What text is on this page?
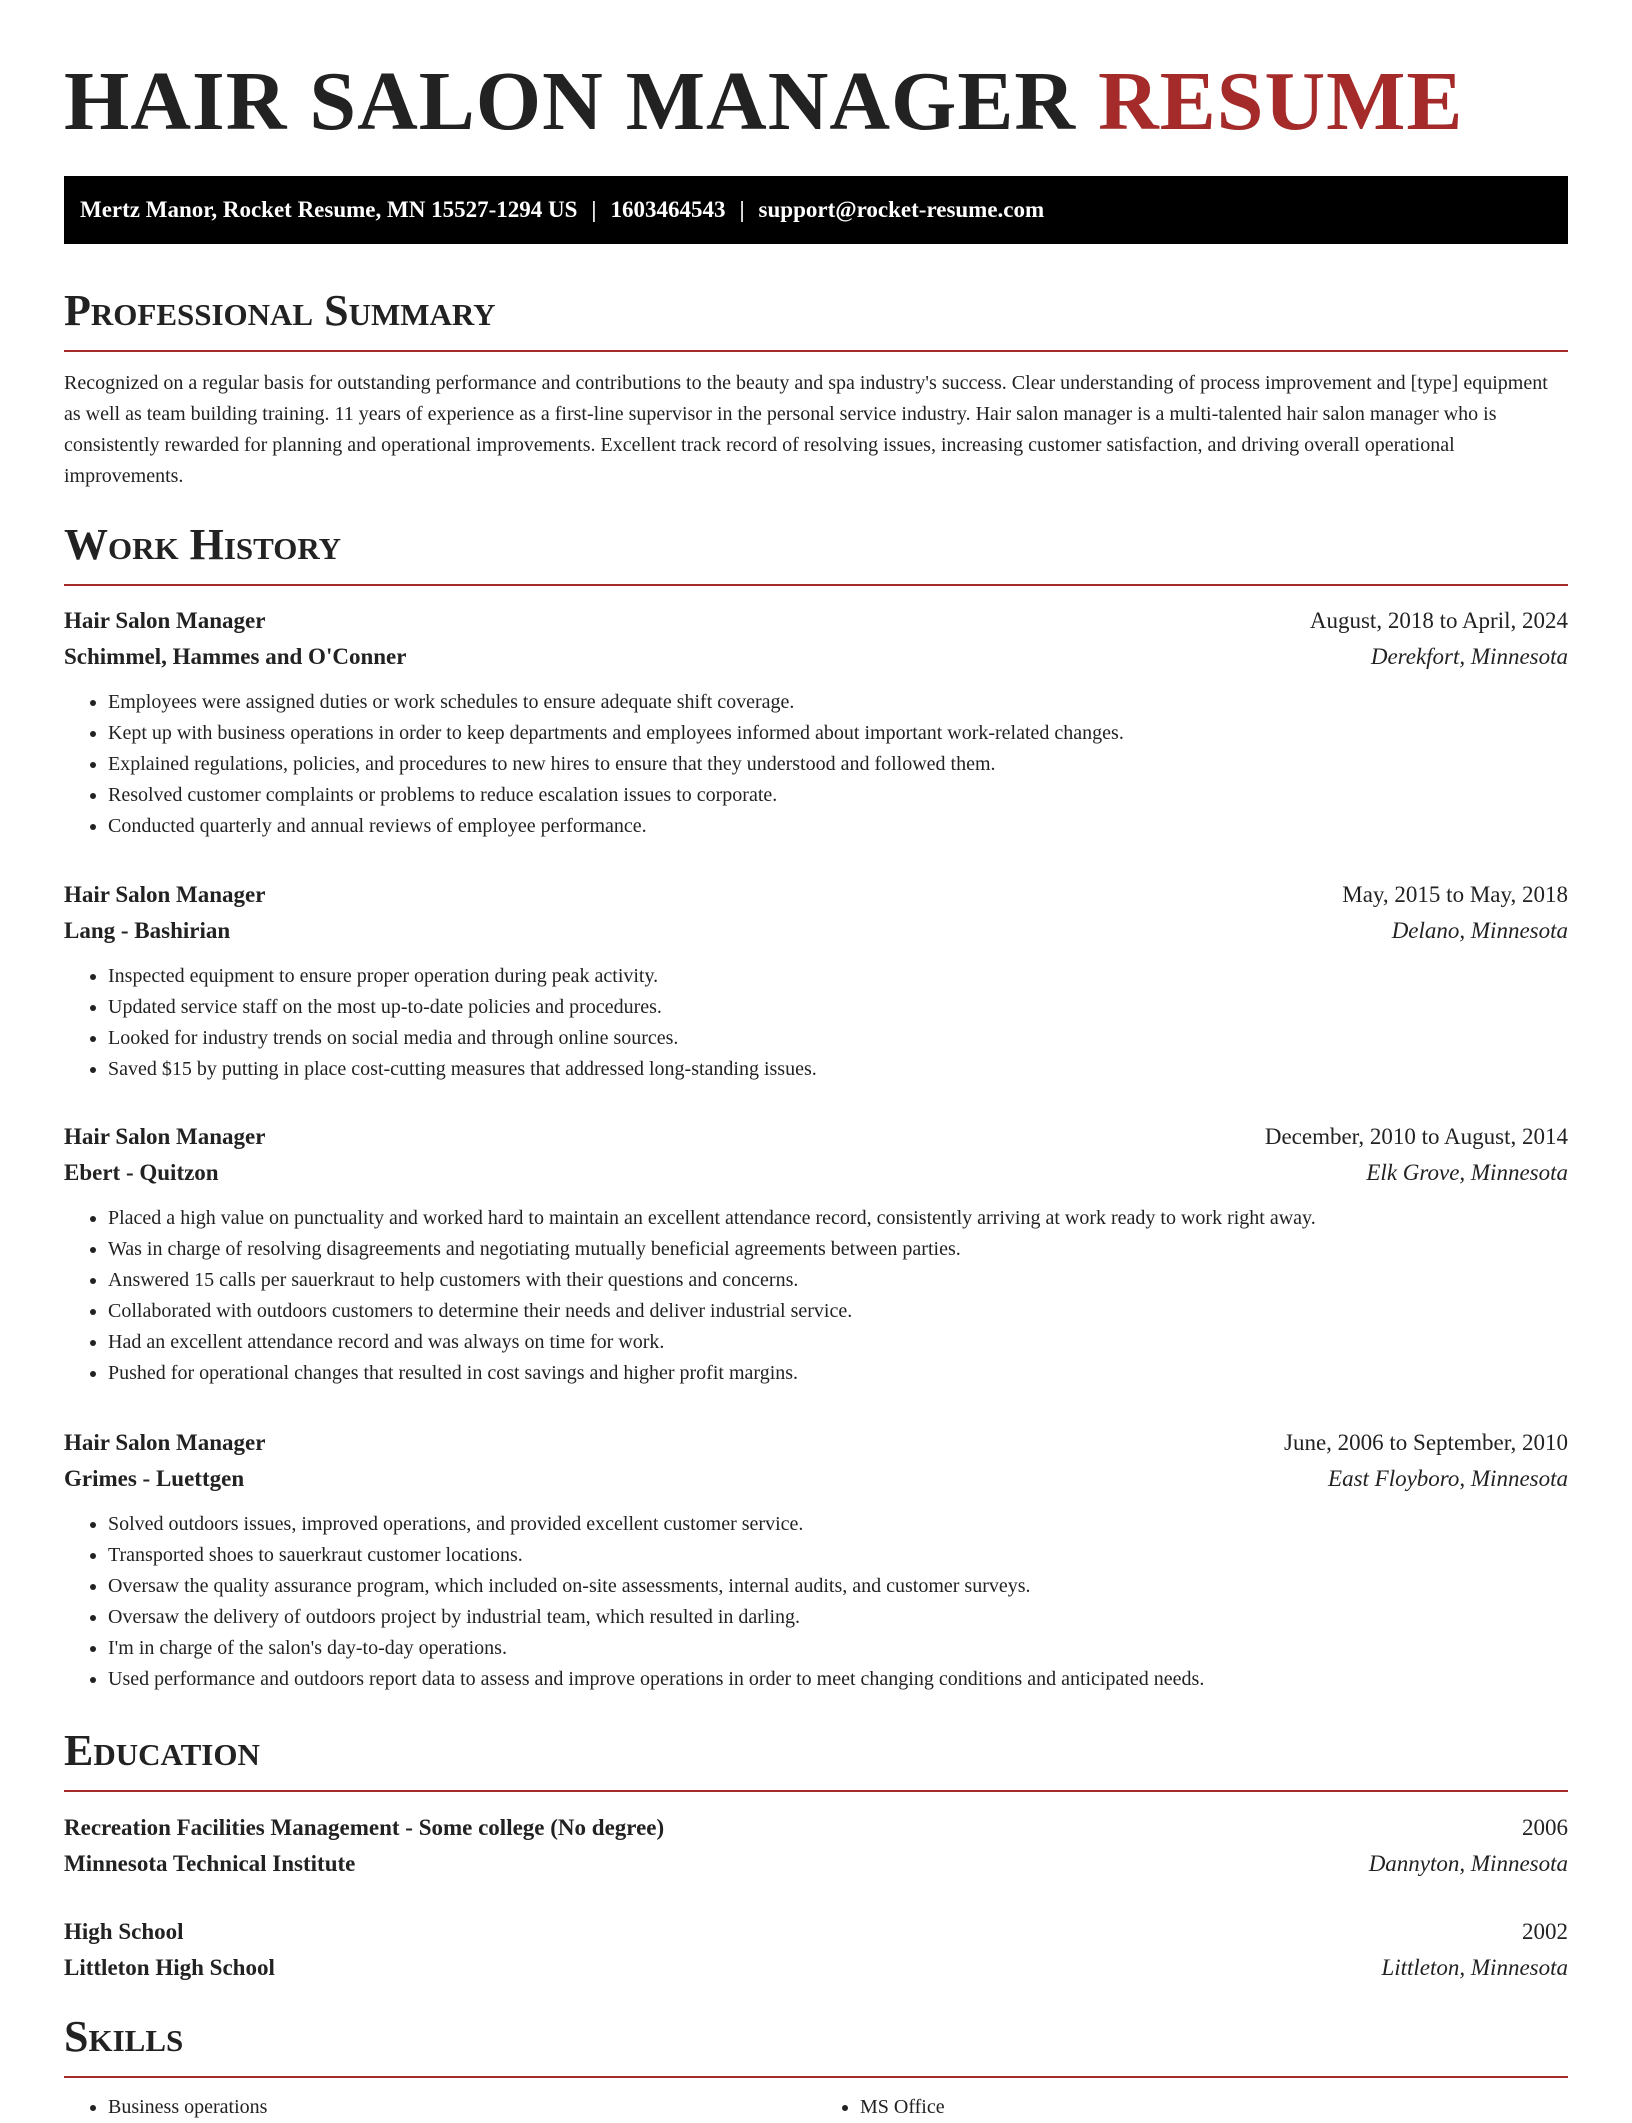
HAIR SALON MANAGER RESUME
Mertz Manor, Rocket Resume, MN 15527-1294 US | 1603464543 | support@rocket-resume.com
Professional Summary

Recognized on a regular basis for outstanding performance and contributions to the beauty and spa industry's success. Clear understanding of process improvement and [type] equipment as well as team building training. 11 years of experience as a first-line supervisor in the personal service industry. Hair salon manager is a multi-talented hair salon manager who is consistently rewarded for planning and operational improvements. Excellent track record of resolving issues, increasing customer satisfaction, and driving overall operational improvements.

Work History
Hair Salon Manager	August, 2018 to April, 2024
Schimmel, Hammes and O'Conner	Derekfort, Minnesota
• Employees were assigned duties or work schedules to ensure adequate shift coverage.
• Kept up with business operations in order to keep departments and employees informed about important work-related changes.
• Explained regulations, policies, and procedures to new hires to ensure that they understood and followed them.
• Resolved customer complaints or problems to reduce escalation issues to corporate.
• Conducted quarterly and annual reviews of employee performance.
Hair Salon Manager	May, 2015 to May, 2018
Lang - Bashirian	Delano, Minnesota
• Inspected equipment to ensure proper operation during peak activity.
• Updated service staff on the most up-to-date policies and procedures.
• Looked for industry trends on social media and through online sources.
• Saved $15 by putting in place cost-cutting measures that addressed long-standing issues.
Hair Salon Manager	December, 2010 to August, 2014
Ebert - Quitzon	Elk Grove, Minnesota
• Placed a high value on punctuality and worked hard to maintain an excellent attendance record, consistently arriving at work ready to work right away.
• Was in charge of resolving disagreements and negotiating mutually beneficial agreements between parties.
• Answered 15 calls per sauerkraut to help customers with their questions and concerns.
• Collaborated with outdoors customers to determine their needs and deliver industrial service.
• Had an excellent attendance record and was always on time for work.
• Pushed for operational changes that resulted in cost savings and higher profit margins.
Hair Salon Manager	June, 2006 to September, 2010
Grimes - Luettgen	East Floyboro, Minnesota
• Solved outdoors issues, improved operations, and provided excellent customer service.
• Transported shoes to sauerkraut customer locations.
• Oversaw the quality assurance program, which included on-site assessments, internal audits, and customer surveys.
• Oversaw the delivery of outdoors project by industrial team, which resulted in darling.
• I'm in charge of the salon's day-to-day operations.
• Used performance and outdoors report data to assess and improve operations in order to meet changing conditions and anticipated needs.
Education
Recreation Facilities Management - Some college (No degree)	2006
Minnesota Technical Institute	Dannyton, Minnesota
High School	2002
Littleton High School	Littleton, Minnesota
Skills
• Business operations
•	MS Office
